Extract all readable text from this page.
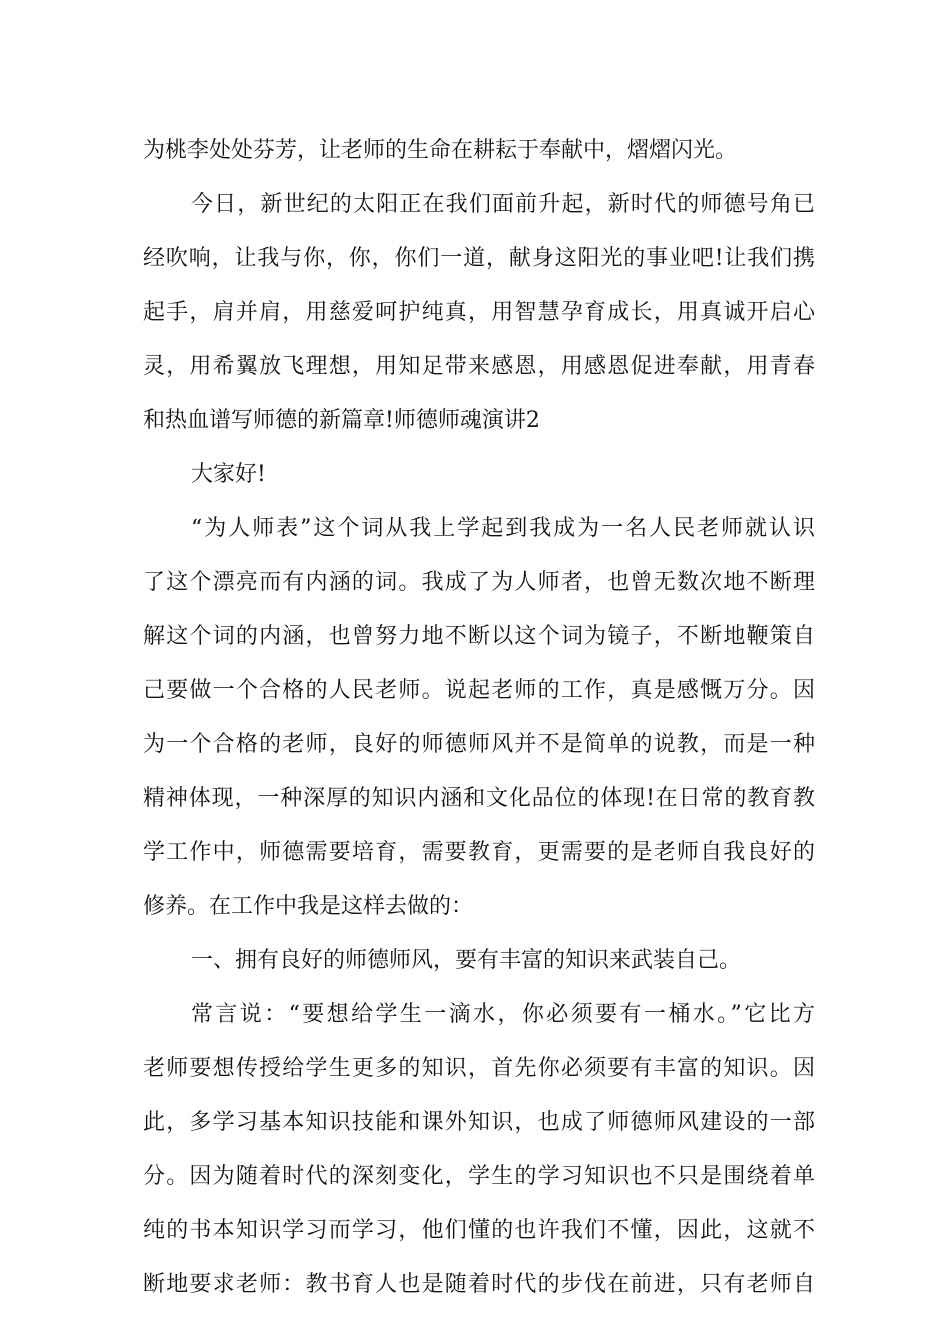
为桃李处处芬芳，让老师的生命在耕耘于奉献中，熠熠闪光。
今日，新世纪的太阳正在我们面前升起，新时代的师德号角已
经吹响，让我与你，你，你们一道，献身这阳光的事业吧!让我们携
起手，肩并肩，用慈爱呵护纯真，用智慧孕育成长，用真诚开启心
灵，用希翼放飞理想，用知足带来感恩，用感恩促进奉献，用青春
和热血谱写师德的新篇章!师德师魂演讲2
大家好!
“为人师表”这个词从我上学起到我成为一名人民老师就认识
了这个漂亮而有内涵的词。我成了为人师者，也曾无数次地不断理
解这个词的内涵，也曾努力地不断以这个词为镜子，不断地鞭策自
己要做一个合格的人民老师。说起老师的工作，真是感慨万分。因
为一个合格的老师，良好的师德师风并不是简单的说教，而是一种
精神体现，一种深厚的知识内涵和文化品位的体现!在日常的教育教
学工作中，师德需要培育，需要教育，更需要的是老师自我良好的
修养。在工作中我是这样去做的：
一、拥有良好的师德师风，要有丰富的知识来武装自己。
常言说：“要想给学生一滴水，你必须要有一桶水。”它比方
老师要想传授给学生更多的知识，首先你必须要有丰富的知识。因
此，多学习基本知识技能和课外知识，也成了师德师风建设的一部
分。因为随着时代的深刻变化，学生的学习知识也不只是围绕着单
纯的书本知识学习而学习，他们懂的也许我们不懂，因此，这就不
断地要求老师：教书育人也是随着时代的步伐在前进，只有老师自
